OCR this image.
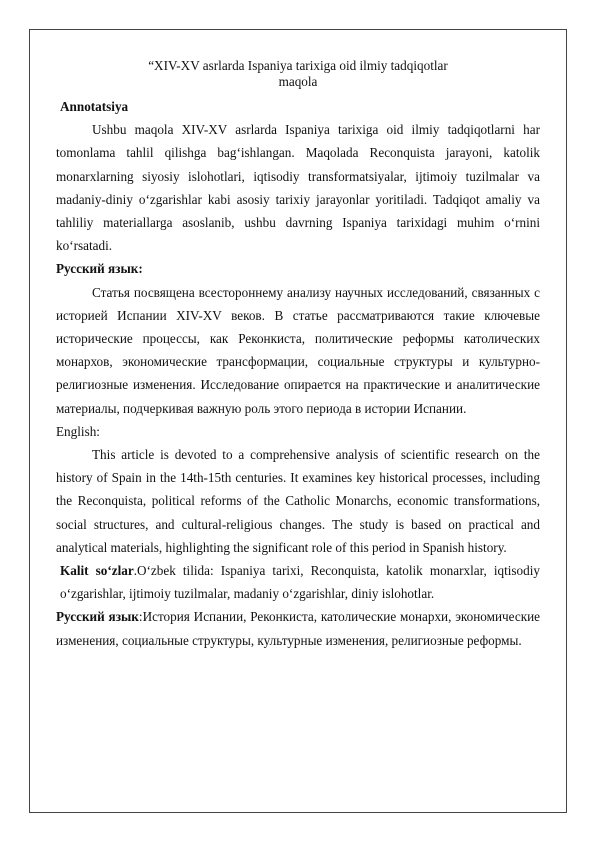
“XIV-XV asrlarda Ispaniya tarixiga oid ilmiy tadqiqotlar
maqola

Annotatsiya

Ushbu maqola XIV-XV asrlarda Ispaniya tarixiga oid ilmiy tadqiqotlarni har tomonlama tahlil qilishga bag‘ishlangan. Maqolada Reconquista jarayoni, katolik monarxlarning siyosiy islohotlari, iqtisodiy transformatsiyalar, ijtimoiy tuzilmalar va madaniy-diniy o‘zgarishlar kabi asosiy tarixiy jarayonlar yoritiladi. Tadqiqot amaliy va tahliliy materiallarga asoslanib, ushbu davrning Ispaniya tarixidagi muhim o‘rnini ko‘rsatadi.

Русский язык:

Статья посвящена всестороннему анализу научных исследований, связанных с историей Испании XIV-XV веков. В статье рассматриваются такие ключевые исторические процессы, как Реконкиста, политические реформы католических монархов, экономические трансформации, социальные структуры и культурно-религиозные изменения. Исследование опирается на практические и аналитические материалы, подчеркивая важную роль этого периода в истории Испании.

English:

This article is devoted to a comprehensive analysis of scientific research on the history of Spain in the 14th-15th centuries. It examines key historical processes, including the Reconquista, political reforms of the Catholic Monarchs, economic transformations, social structures, and cultural-religious changes. The study is based on practical and analytical materials, highlighting the significant role of this period in Spanish history.

Kalit so‘zlar.O‘zbek tilida: Ispaniya tarixi, Reconquista, katolik monarxlar, iqtisodiy o‘zgarishlar, ijtimoiy tuzilmalar, madaniy o‘zgarishlar, diniy islohotlar.

Русский язык:История Испании, Реконкиста, католические монархи, экономические изменения, социальные структуры, культурные изменения, религиозные реформы.
